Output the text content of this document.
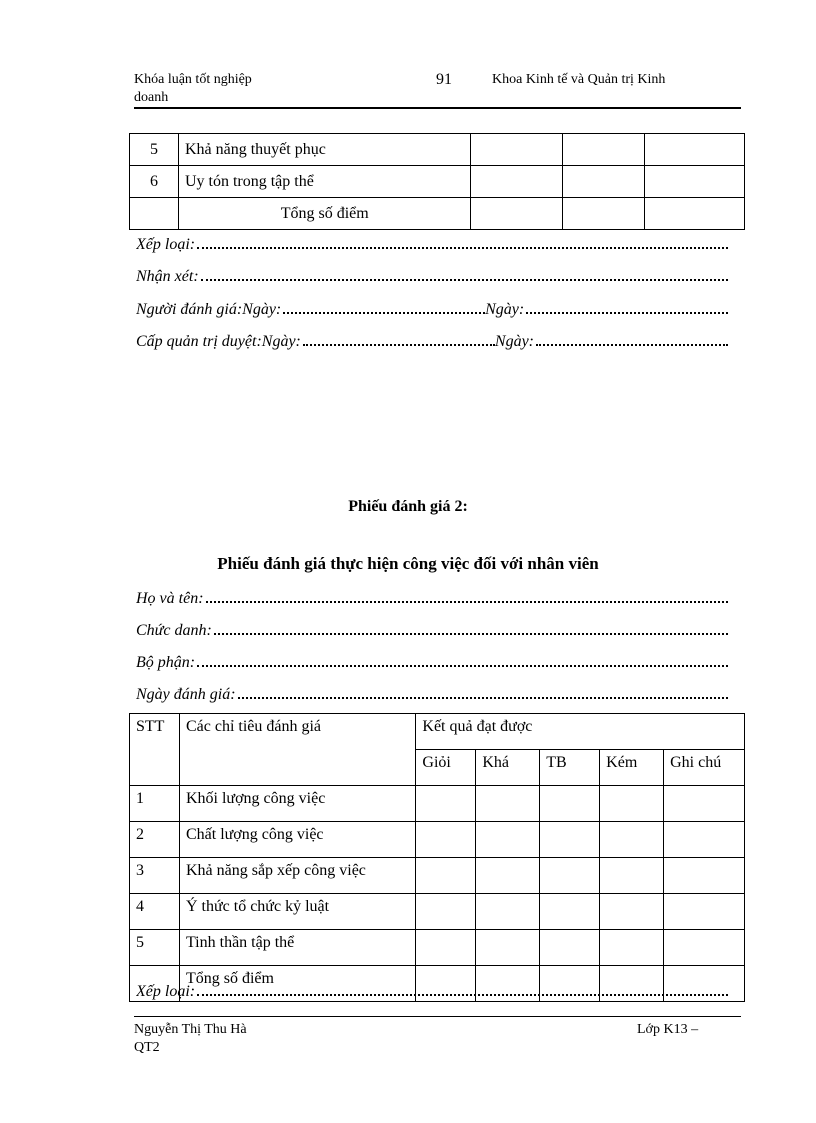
Khóa luận tốt nghiệp
doanh
91	Khoa Kinh tế và Quản trị Kinh
5	Khả năng thuyết phục			
6	Uy tón trong tập thể			
	Tổng số điểm			
Xếp loại:
Nhận xét:
Người đánh giá:Ngày:	Ngày:
Cấp quản trị duyệt:Ngày:	Ngày:
Phiếu đánh giá 2:
Phiếu đánh giá thực hiện công việc đối với nhân viên
Họ và tên:
Chức danh:
Bộ phận:
Ngày đánh giá:
STT	Các chỉ tiêu đánh giá	Kết quả đạt được				
		Giỏi	Khá	TB	Kém	Ghi chú
1	Khối lượng công việc					
2	Chất lượng công việc					
3	Khả năng sắp xếp công việc					
4	Ý thức tổ chức kỷ luật					
5	Tinh thần tập thể					
	Tổng số điểm					
Xếp loại:
Nguyễn Thị Thu Hà
QT2
Lớp K13 –
